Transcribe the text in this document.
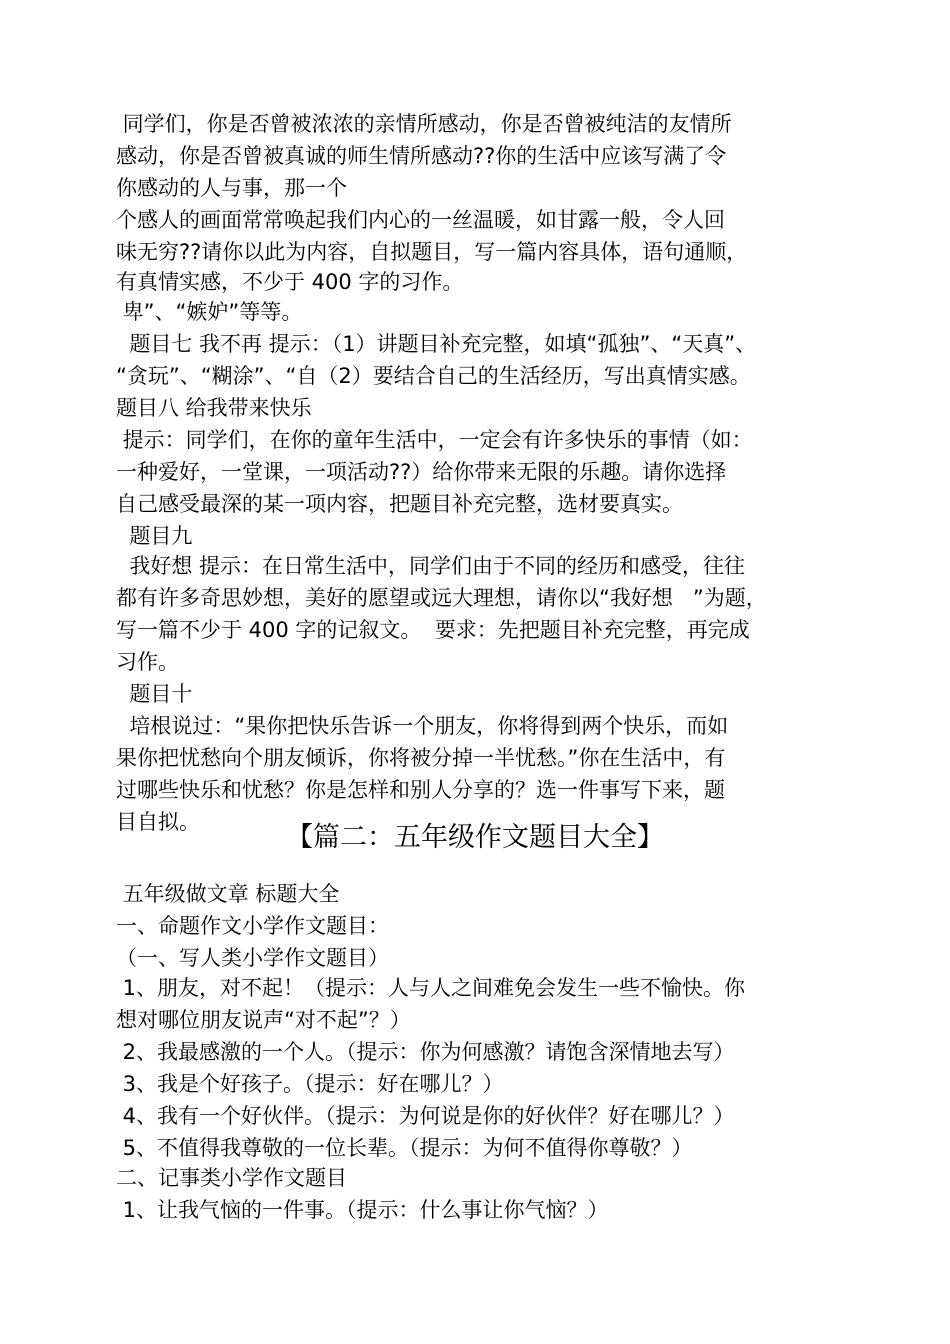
同学们，你是否曾被浓浓的亲情所感动，你是否曾被纯洁的友情所
感动，你是否曾被真诚的师生情所感动??你的生活中应该写满了令
你感动的人与事，那一个
个感人的画面常常唤起我们内心的一丝温暖，如甘露一般，令人回
味无穷??请你以此为内容，自拟题目，写一篇内容具体，语句通顺，
有真情实感，不少于 400 字的习作。
卑”、“嫉妒”等等。
题目七 我不再 提示：（1）讲题目补充完整，如填“孤独”、“天真”、
“贪玩”、“糊涂”、“自（2）要结合自己的生活经历，写出真情实感。
题目八 给我带来快乐
提示：同学们，在你的童年生活中，一定会有许多快乐的事情（如：
一种爱好，一堂课，一项活动??）给你带来无限的乐趣。请你选择
自己感受最深的某一项内容，把题目补充完整，选材要真实。
题目九
我好想 提示：在日常生活中，同学们由于不同的经历和感受，往往
都有许多奇思妙想，美好的愿望或远大理想，请你以“我好想   ”为题，
写一篇不少于 400 字的记叙文。  要求：先把题目补充完整，再完成
习作。
题目十
培根说过：“果你把快乐告诉一个朋友，你将得到两个快乐，而如
果你把忧愁向个朋友倾诉，你将被分掉一半忧愁。”你在生活中，有
过哪些快乐和忧愁？你是怎样和别人分享的？选一件事写下来，题
目自拟。	【篇二：五年级作文题目大全】
五年级做文章 标题大全
一、命题作文小学作文题目：
（一、写人类小学作文题目）
1、朋友，对不起！（提示：人与人之间难免会发生一些不愉快。你
想对哪位朋友说声“对不起”？）
2、我最感激的一个人。（提示：你为何感激？请饱含深情地去写）
3、我是个好孩子。（提示：好在哪儿？）
4、我有一个好伙伴。（提示：为何说是你的好伙伴？好在哪儿？）
5、不值得我尊敬的一位长辈。（提示：为何不值得你尊敬？）
二、记事类小学作文题目
1、让我气恼的一件事。（提示：什么事让你气恼？）
